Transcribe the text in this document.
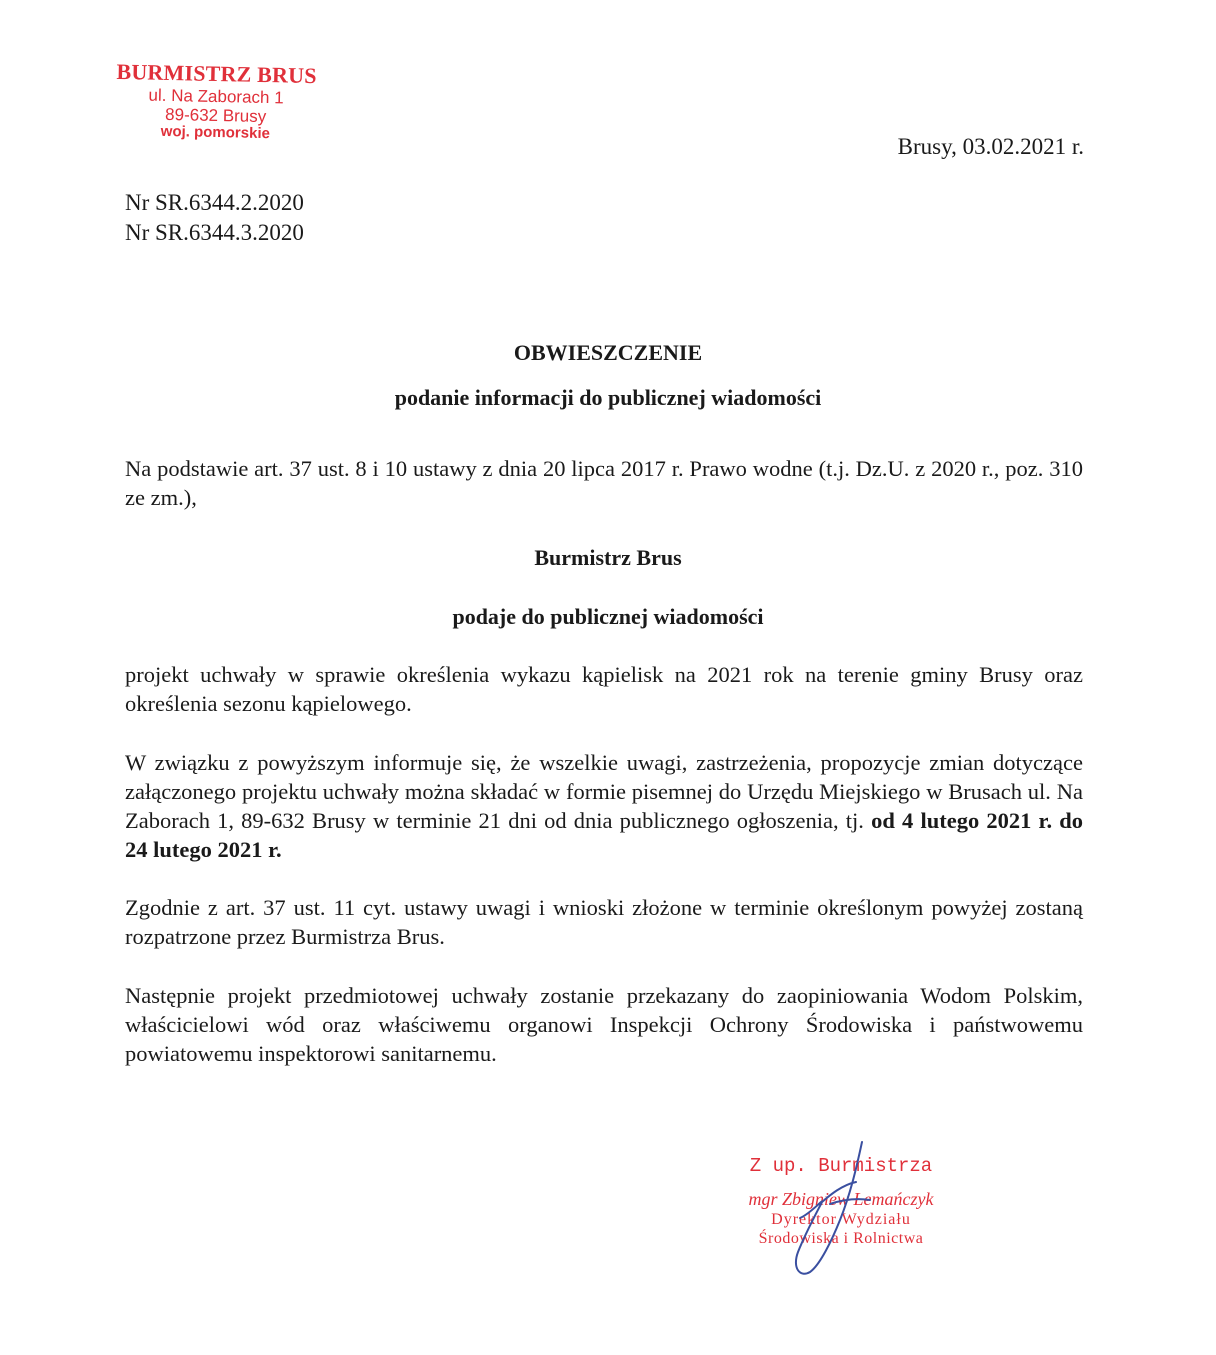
BURMISTRZ BRUS
ul. Na Zaborach 1
89-632 Brusy
woj. pomorskie
Brusy, 03.02.2021 r.
Nr SR.6344.2.2020
Nr SR.6344.3.2020
OBWIESZCZENIE
podanie informacji do publicznej wiadomości
Na podstawie art. 37 ust. 8 i 10 ustawy z dnia 20 lipca 2017 r. Prawo wodne (t.j. Dz.U. z 2020 r., poz. 310 ze zm.),
Burmistrz Brus
podaje do publicznej wiadomości
projekt uchwały w sprawie określenia wykazu kąpielisk na 2021 rok na terenie gminy Brusy oraz określenia sezonu kąpielowego.
W związku z powyższym informuje się, że wszelkie uwagi, zastrzeżenia, propozycje zmian dotyczące załączonego projektu uchwały można składać w formie pisemnej do Urzędu Miejskiego w Brusach ul. Na Zaborach 1, 89-632 Brusy w terminie 21 dni od dnia publicznego ogłoszenia, tj. od 4 lutego 2021 r. do 24 lutego 2021 r.
Zgodnie z art. 37 ust. 11 cyt. ustawy uwagi i wnioski złożone w terminie określonym powyżej zostaną rozpatrzone przez Burmistrza Brus.
Następnie projekt przedmiotowej uchwały zostanie przekazany do zaopiniowania Wodom Polskim, właścicielowi wód oraz właściwemu organowi Inspekcji Ochrony Środowiska i państwowemu powiatowemu inspektorowi sanitarnemu.
Z up. Burmistrza
mgr Zbigniew Lemańczyk
Dyrektor Wydziału
Środowiska i Rolnictwa
